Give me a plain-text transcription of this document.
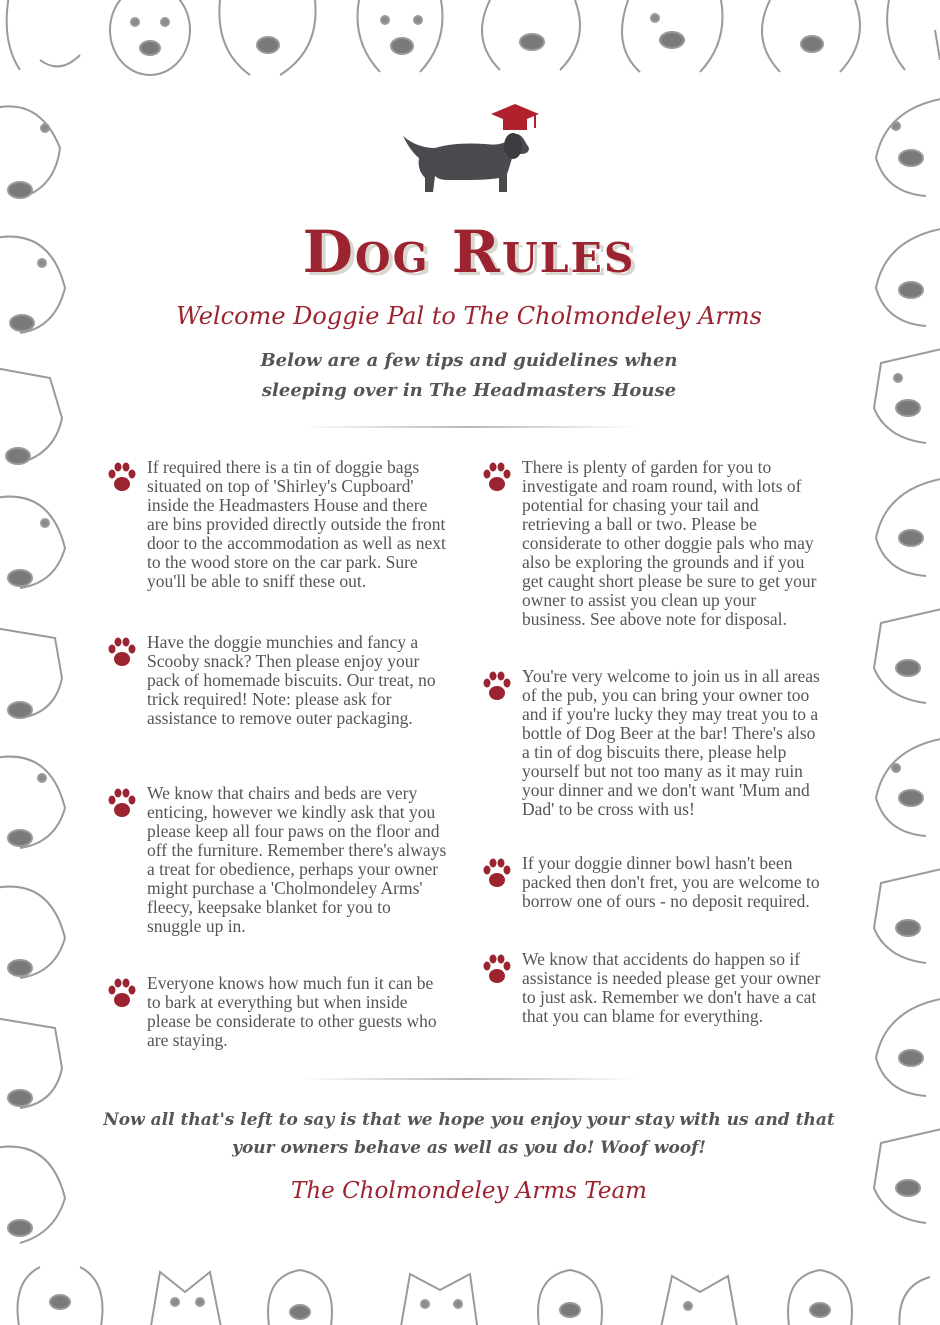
Dog Rules
Welcome Doggie Pal to The Cholmondeley Arms
Below are a few tips and guidelines when sleeping over in The Headmasters House
If required there is a tin of doggie bags situated on top of 'Shirley's Cupboard' inside the Headmasters House and there are bins provided directly outside the front door to the accommodation as well as next to the wood store on the car park. Sure you'll be able to sniff these out.
Have the doggie munchies and fancy a Scooby snack? Then please enjoy your pack of homemade biscuits. Our treat, no trick required! Note: please ask for assistance to remove outer packaging.
We know that chairs and beds are very enticing, however we kindly ask that you please keep all four paws on the floor and off the furniture. Remember there's always a treat for obedience, perhaps your owner might purchase a 'Cholmondeley Arms' fleecy, keepsake blanket for you to snuggle up in.
Everyone knows how much fun it can be to bark at everything but when inside please be considerate to other guests who are staying.
There is plenty of garden for you to investigate and roam round, with lots of potential for chasing your tail and retrieving a ball or two. Please be considerate to other doggie pals who may also be exploring the grounds and if you get caught short please be sure to get your owner to assist you clean up your business. See above note for disposal.
You're very welcome to join us in all areas of the pub, you can bring your owner too and if you're lucky they may treat you to a bottle of Dog Beer at the bar! There's also a tin of dog biscuits there, please help yourself but not too many as it may ruin your dinner and we don't want 'Mum and Dad' to be cross with us!
If your doggie dinner bowl hasn't been packed then don't fret, you are welcome to borrow one of ours - no deposit required.
We know that accidents do happen so if assistance is needed please get your owner to just ask. Remember we don't have a cat that you can blame for everything.
Now all that's left to say is that we hope you enjoy your stay with us and that your owners behave as well as you do! Woof woof!
The Cholmondeley Arms Team
